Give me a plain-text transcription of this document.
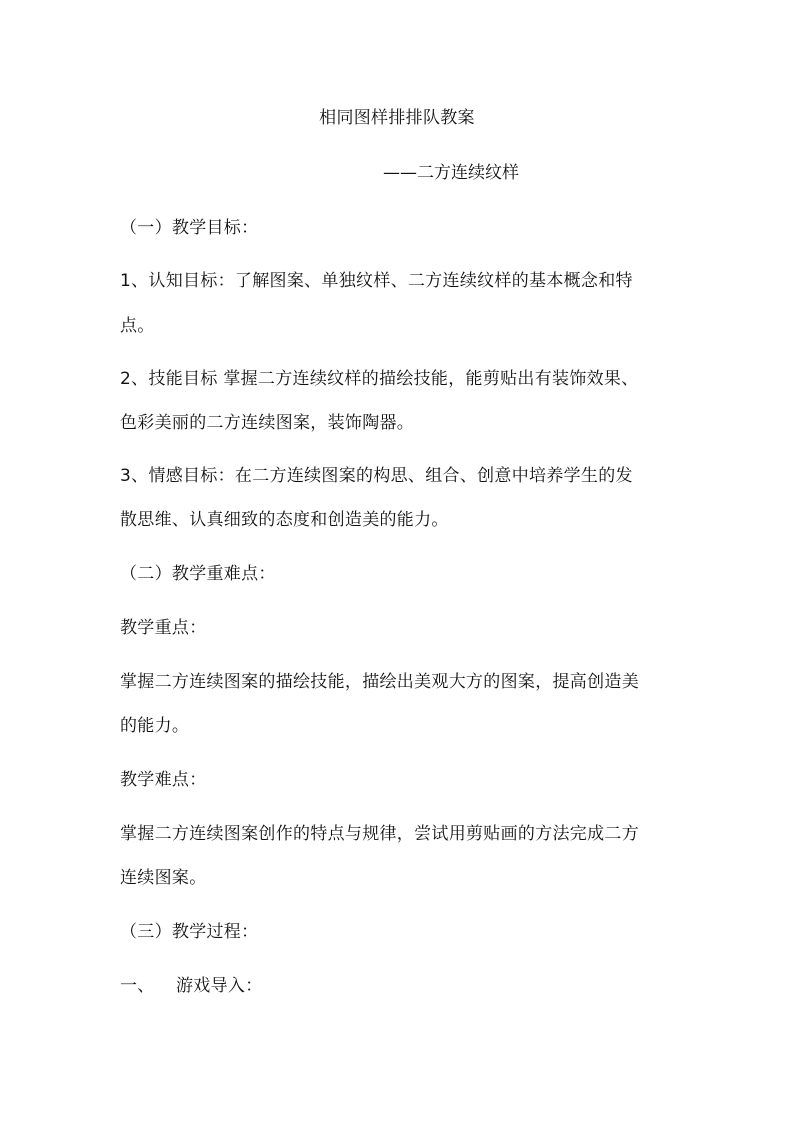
相同图样排排队教案
——二方连续纹样
（一）教学目标：
1、认知目标：了解图案、单独纹样、二方连续纹样的基本概念和特
点。
2、技能目标 掌握二方连续纹样的描绘技能，能剪贴出有装饰效果、
色彩美丽的二方连续图案，装饰陶器。
3、情感目标：在二方连续图案的构思、组合、创意中培养学生的发
散思维、认真细致的态度和创造美的能力。
（二）教学重难点：
教学重点：
掌握二方连续图案的描绘技能，描绘出美观大方的图案，提高创造美
的能力。
教学难点：
掌握二方连续图案创作的特点与规律，尝试用剪贴画的方法完成二方
连续图案。
（三）教学过程：
一、 游戏导入：
